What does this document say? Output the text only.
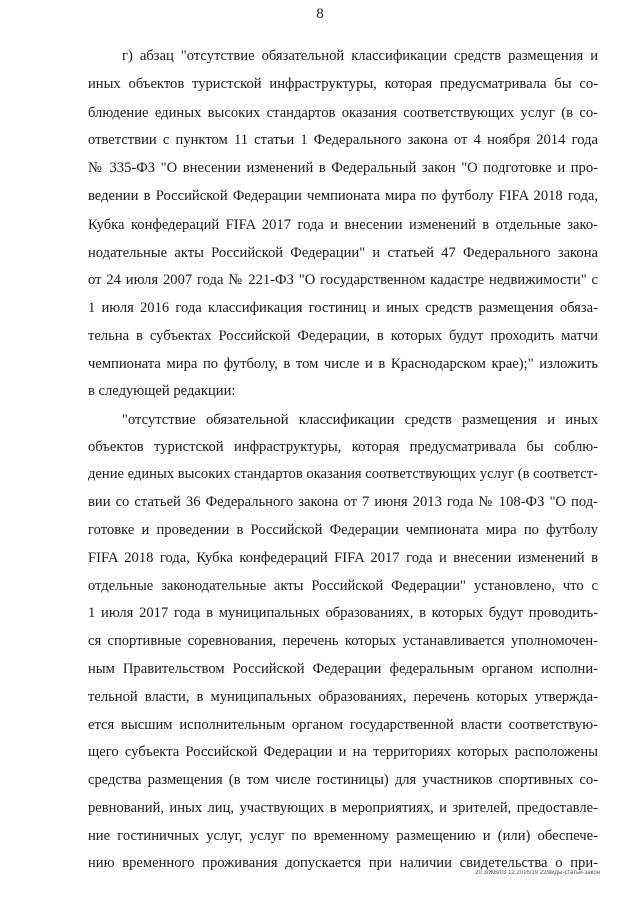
8
г) абзац "отсутствие обязательной классификации средств размещения и
иных объектов туристской инфраструктуры, которая предусматривала бы со-
блюдение единых высоких стандартов оказания соответствующих услуг (в со-
ответствии с пунктом 11 статьи 1 Федерального закона от 4 ноября 2014 года
№ 335-ФЗ "О внесении изменений в Федеральный закон "О подготовке и про-
ведении в Российской Федерации чемпионата мира по футболу FIFA 2018 года,
Кубка конфедераций FIFA 2017 года и внесении изменений в отдельные зако-
нодательные акты Российской Федерации" и статьей 47 Федерального закона
от 24 июля 2007 года № 221-ФЗ "О государственном кадастре недвижимости" с
1 июля 2016 года классификация гостиниц и иных средств размещения обяза-
тельна в субъектах Российской Федерации, в которых будут проходить матчи
чемпионата мира по футболу, в том числе и в Краснодарском крае);" изложить
в следующей редакции:
"отсутствие обязательной классификации средств размещения и иных
объектов туристской инфраструктуры, которая предусматривала бы соблю-
дение единых высоких стандартов оказания соответствующих услуг (в соответст-
вии со статьей 36 Федерального закона от 7 июня 2013 года № 108-ФЗ "О под-
готовке и проведении в Российской Федерации чемпионата мира по футболу
FIFA 2018 года, Кубка конфедераций FIFA 2017 года и внесении изменений в
отдельные законодательные акты Российской Федерации" установлено, что с
1 июля 2017 года в муниципальных образованиях, в которых будут проводить-
ся спортивные соревнования, перечень которых устанавливается уполномочен-
ным Правительством Российской Федерации федеральным органом исполни-
тельной власти, в муниципальных образованиях, перечень которых утвержда-
ется высшим исполнительным органом государственной власти соответствую-
щего субъекта Российской Федерации и на территориях которых расположены
средства размещения (в том числе гостиницы) для участников спортивных со-
ревнований, иных лиц, участвующих в мероприятиях, и зрителей, предоставле-
ние гостиничных услуг, услуг по временному размещению и (или) обеспече-
нию временного проживания допускается при наличии свидетельства о при-
20.3/ЖВ/03 12.2016/19 22/виды-статьи-закон
